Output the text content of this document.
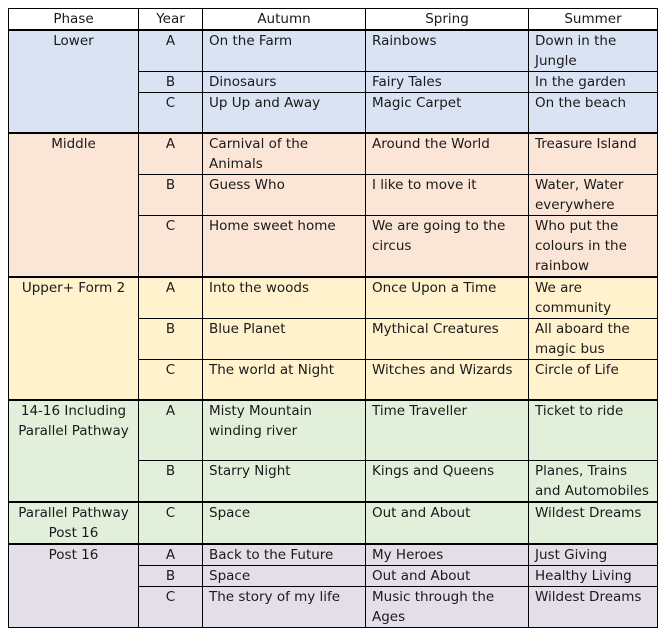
Phase	Year	Autumn	Spring	Summer
Lower	A	On the Farm	Rainbows	Down in the Jungle
	B	Dinosaurs	Fairy Tales	In the garden
	C	Up Up and Away	Magic Carpet	On the beach
Middle	A	Carnival of the Animals	Around the World	Treasure Island
	B	Guess Who	I like to move it	Water, Water everywhere
	C	Home sweet home	We are going to the circus	Who put the colours in the rainbow
Upper+ Form 2	A	Into the woods	Once Upon a Time	We are community
	B	Blue Planet	Mythical Creatures	All aboard the magic bus
	C	The world at Night	Witches and Wizards	Circle of Life
14-16 Including Parallel Pathway	A	Misty Mountain winding river	Time Traveller	Ticket to ride
	B	Starry Night	Kings and Queens	Planes, Trains and Automobiles
Parallel Pathway Post 16	C	Space	Out and About	Wildest Dreams
Post 16	A	Back to the Future	My Heroes	Just Giving
	B	Space	Out and About	Healthy Living
	C	The story of my life	Music through the Ages	Wildest Dreams
